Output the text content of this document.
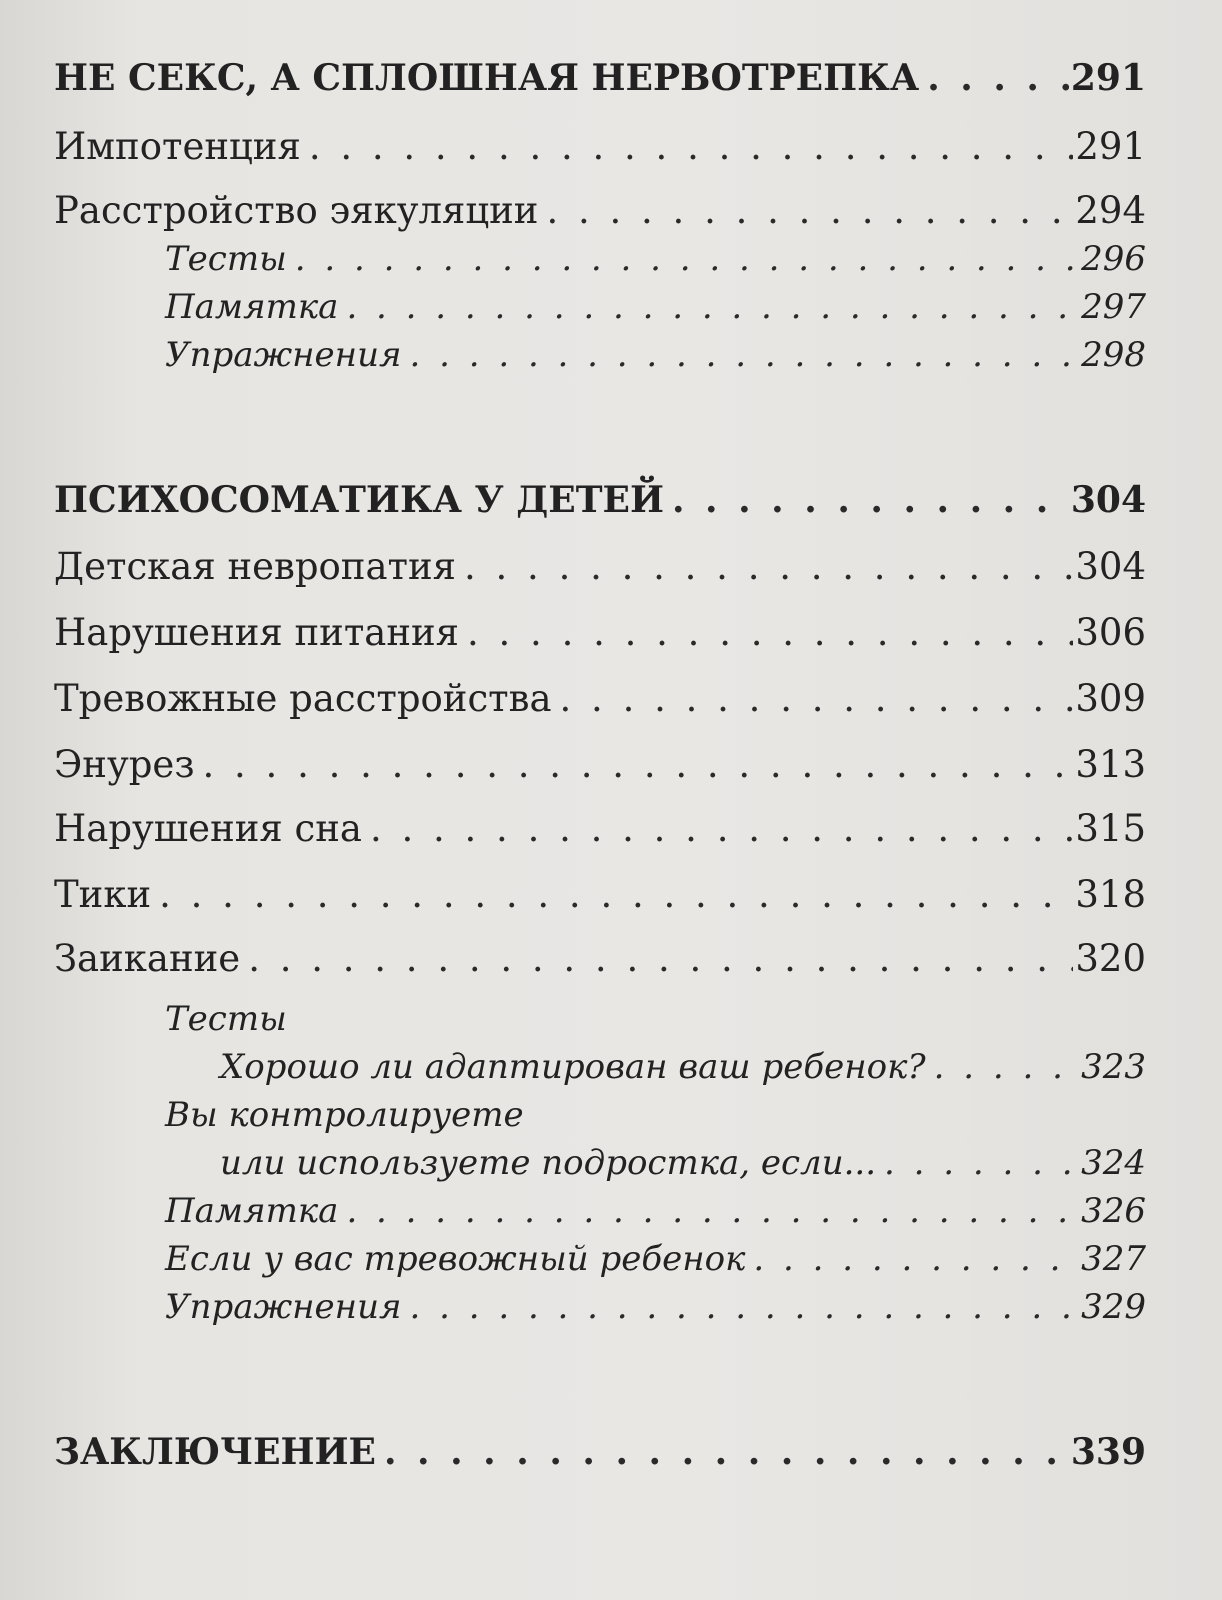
НЕ СЕКС, А СПЛОШНАЯ НЕРВОТРЕПКА . . .	291
Импотенция . . .	291
Расстройство эякуляции . . .	294
Тесты . . .	296
Памятка . . .	297
Упражнения . . .	298
ПСИХОСОМАТИКА У ДЕТЕЙ . . .	304
Детская невропатия . . .	304
Нарушения питания . . .	306
Тревожные расстройства . . .	309
Энурез . . .	313
Нарушения сна . . .	315
Тики . . .	318
Заикание . . .	320
Тесты
Хорошо ли адаптирован ваш ребенок? . . .	323
Вы контролируете
или используете подростка, если... . . .	324
Памятка . . .	326
Если у вас тревожный ребенок . . .	327
Упражнения . . .	329
ЗАКЛЮЧЕНИЕ . . .	339
